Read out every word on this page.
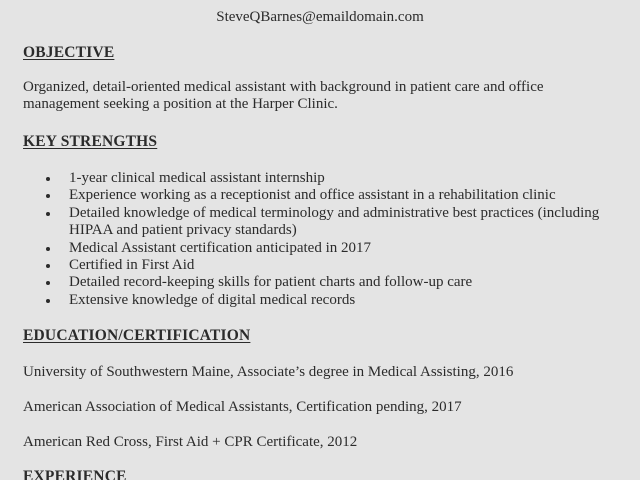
SteveQBarnes@emaildomain.com
OBJECTIVE
Organized, detail-oriented medical assistant with background in patient care and office management seeking a position at the Harper Clinic.
KEY STRENGTHS
1-year clinical medical assistant internship
Experience working as a receptionist and office assistant in a rehabilitation clinic
Detailed knowledge of medical terminology and administrative best practices (including HIPAA and patient privacy standards)
Medical Assistant certification anticipated in 2017
Certified in First Aid
Detailed record-keeping skills for patient charts and follow-up care
Extensive knowledge of digital medical records
EDUCATION/CERTIFICATION
University of Southwestern Maine, Associate’s degree in Medical Assisting, 2016
American Association of Medical Assistants, Certification pending, 2017
American Red Cross, First Aid + CPR Certificate, 2012
EXPERIENCE
